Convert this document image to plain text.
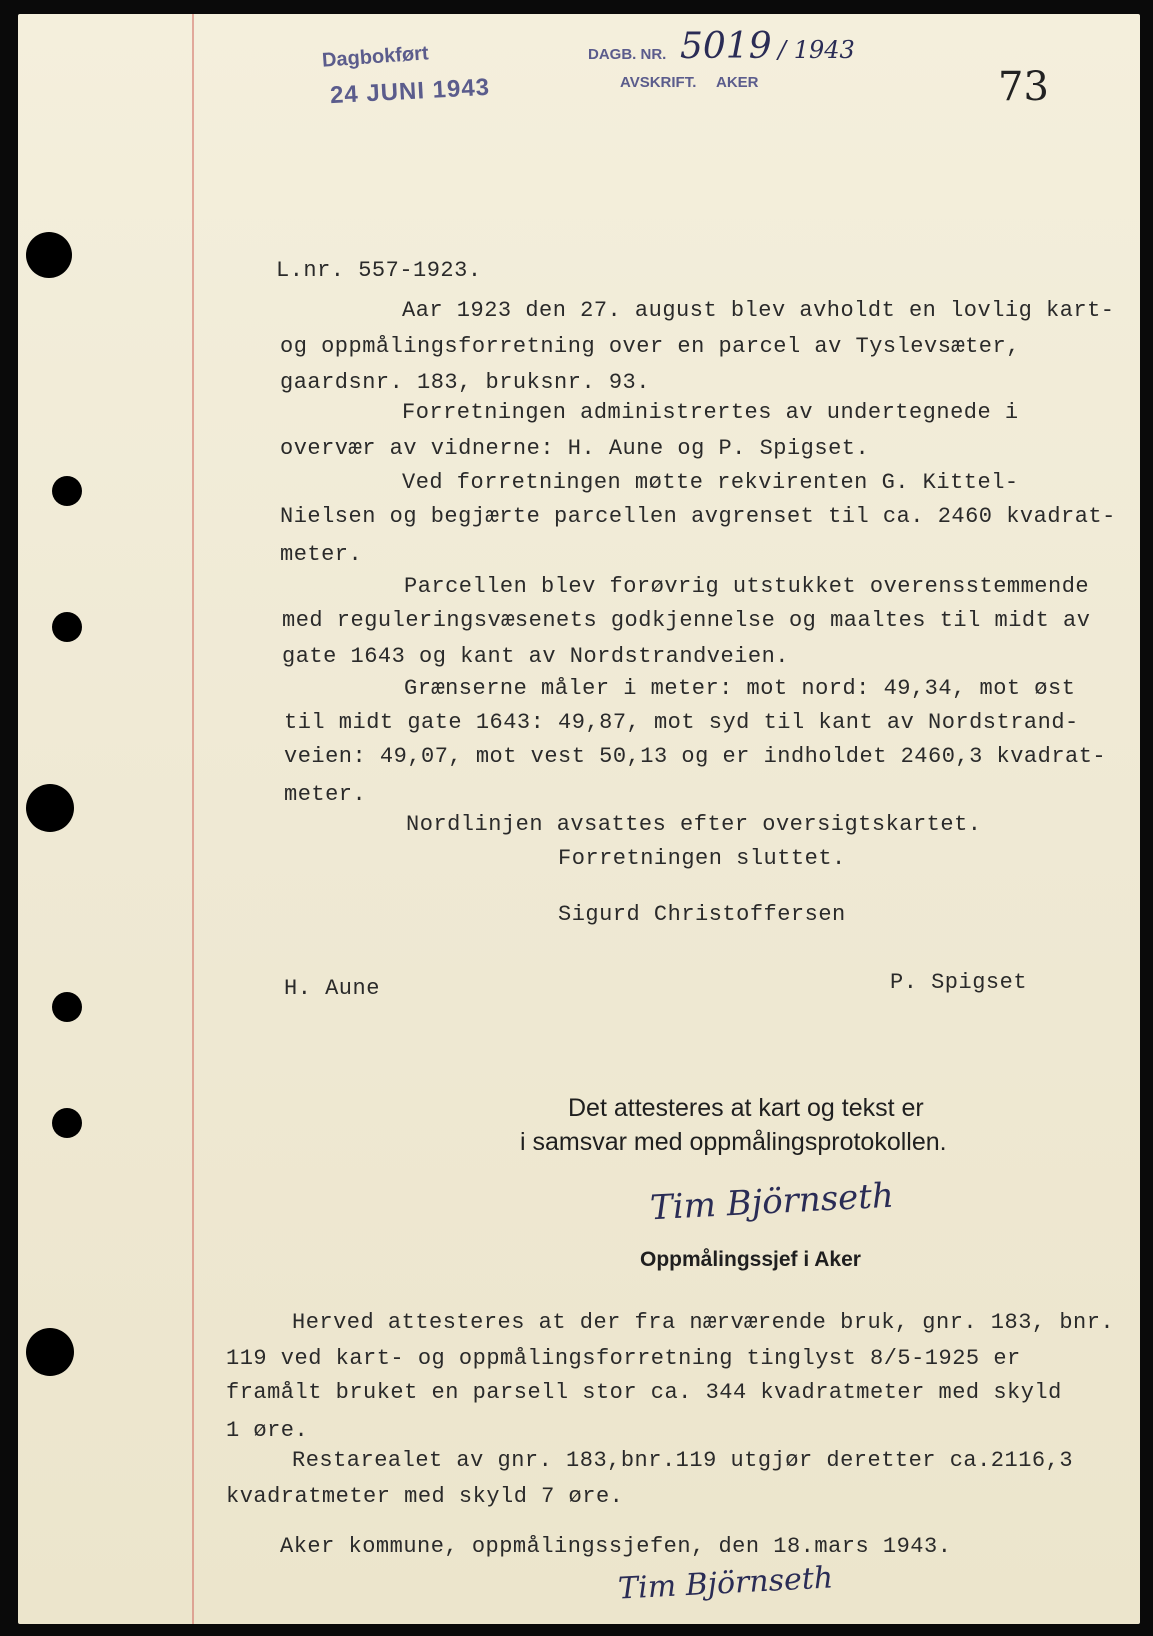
Dagbokført
24 JUNI 1943
DAGB. NR. 5019 / 1943
AVSKRIFT. AKER	73
L.nr. 557-1923.
Aar 1923 den 27. august blev avholdt en lovlig kart-
og oppmålingsforretning over en parcel av Tyslevsæter,
gaardsnr. 183, bruksnr. 93.
Forretningen administrertes av undertegnede i
overvær av vidnerne: H. Aune og P. Spigset.
Ved forretningen møtte rekvirenten G. Kittel-
Nielsen og begjærte parcellen avgrenset til ca. 2460 kvadrat-
meter.
Parcellen blev forøvrig utstukket overensstemmende
med reguleringsvæsenets godkjennelse og maaltes til midt av
gate 1643 og kant av Nordstrandveien.
Grænserne måler i meter: mot nord: 49,34, mot øst
til midt gate 1643: 49,87, mot syd til kant av Nordstrand-
veien: 49,07, mot vest 50,13 og er indholdet 2460,3 kvadrat-
meter.
Nordlinjen avsattes efter oversigtskartet.
Forretningen sluttet.
Sigurd Christoffersen
H. Aune	P. Spigset
Det attesteres at kart og tekst er
i samsvar med oppmålingsprotokollen.
Tim Björnseth
Oppmålingssjef i Aker
Herved attesteres at der fra nærværende bruk, gnr. 183, bnr.
119 ved kart- og oppmålingsforretning tinglyst 8/5-1925 er
framålt bruket en parsell stor ca. 344 kvadratmeter med skyld
1 øre.
Restarealet av gnr. 183,bnr.119 utgjør deretter ca.2116,3
kvadratmeter med skyld 7 øre.
Aker kommune, oppmålingssjefen, den 18.mars 1943.
Tim Björnseth
